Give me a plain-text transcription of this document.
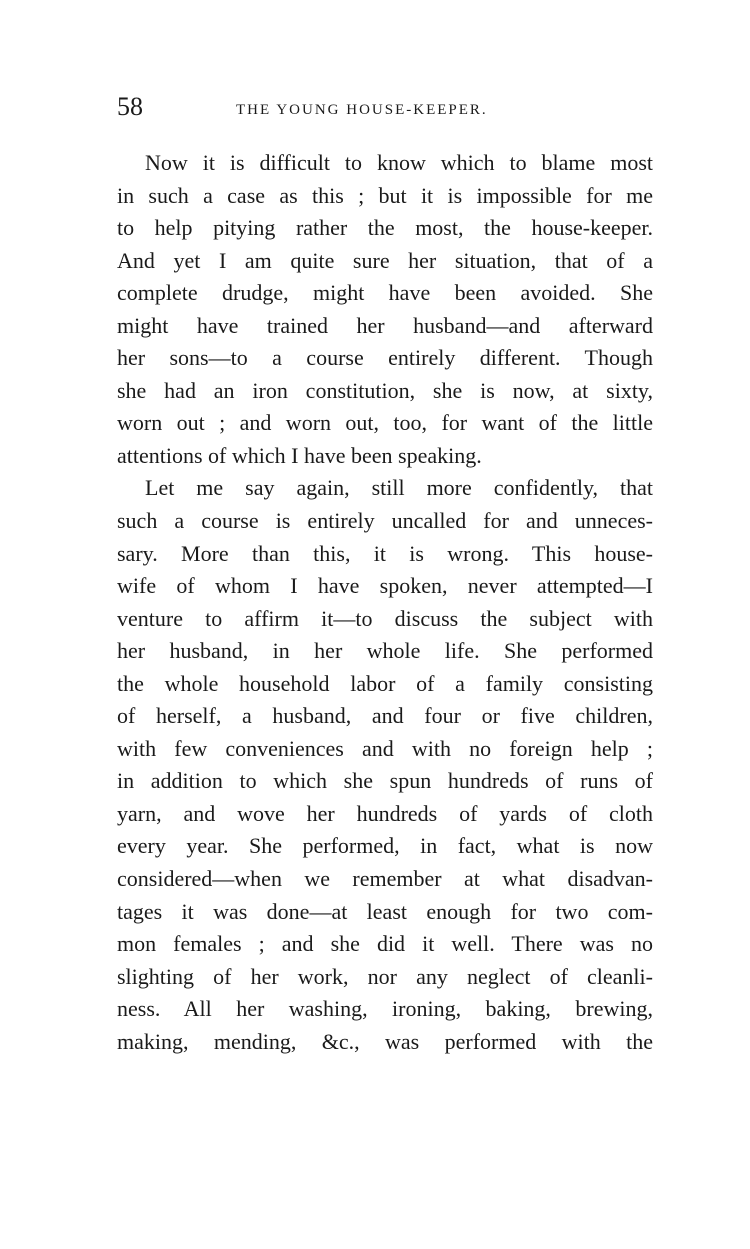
58	THE YOUNG HOUSE-KEEPER.
Now it is difficult to know which to blame most
in such a case as this ; but it is impossible for me
to help pitying rather the most, the house-keeper.
And yet I am quite sure her situation, that of a
complete drudge, might have been avoided. She
might have trained her husband—and afterward
her sons—to a course entirely different. Though
she had an iron constitution, she is now, at sixty,
worn out ; and worn out, too, for want of the little
attentions of which I have been speaking.
Let me say again, still more confidently, that
such a course is entirely uncalled for and unneces-
sary. More than this, it is wrong. This house-
wife of whom I have spoken, never attempted—I
venture to affirm it—to discuss the subject with
her husband, in her whole life. She performed
the whole household labor of a family consisting
of herself, a husband, and four or five children,
with few conveniences and with no foreign help ;
in addition to which she spun hundreds of runs of
yarn, and wove her hundreds of yards of cloth
every year. She performed, in fact, what is now
considered—when we remember at what disadvan-
tages it was done—at least enough for two com-
mon females ; and she did it well. There was no
slighting of her work, nor any neglect of cleanli-
ness. All her washing, ironing, baking, brewing,
making, mending, &c., was performed with the
